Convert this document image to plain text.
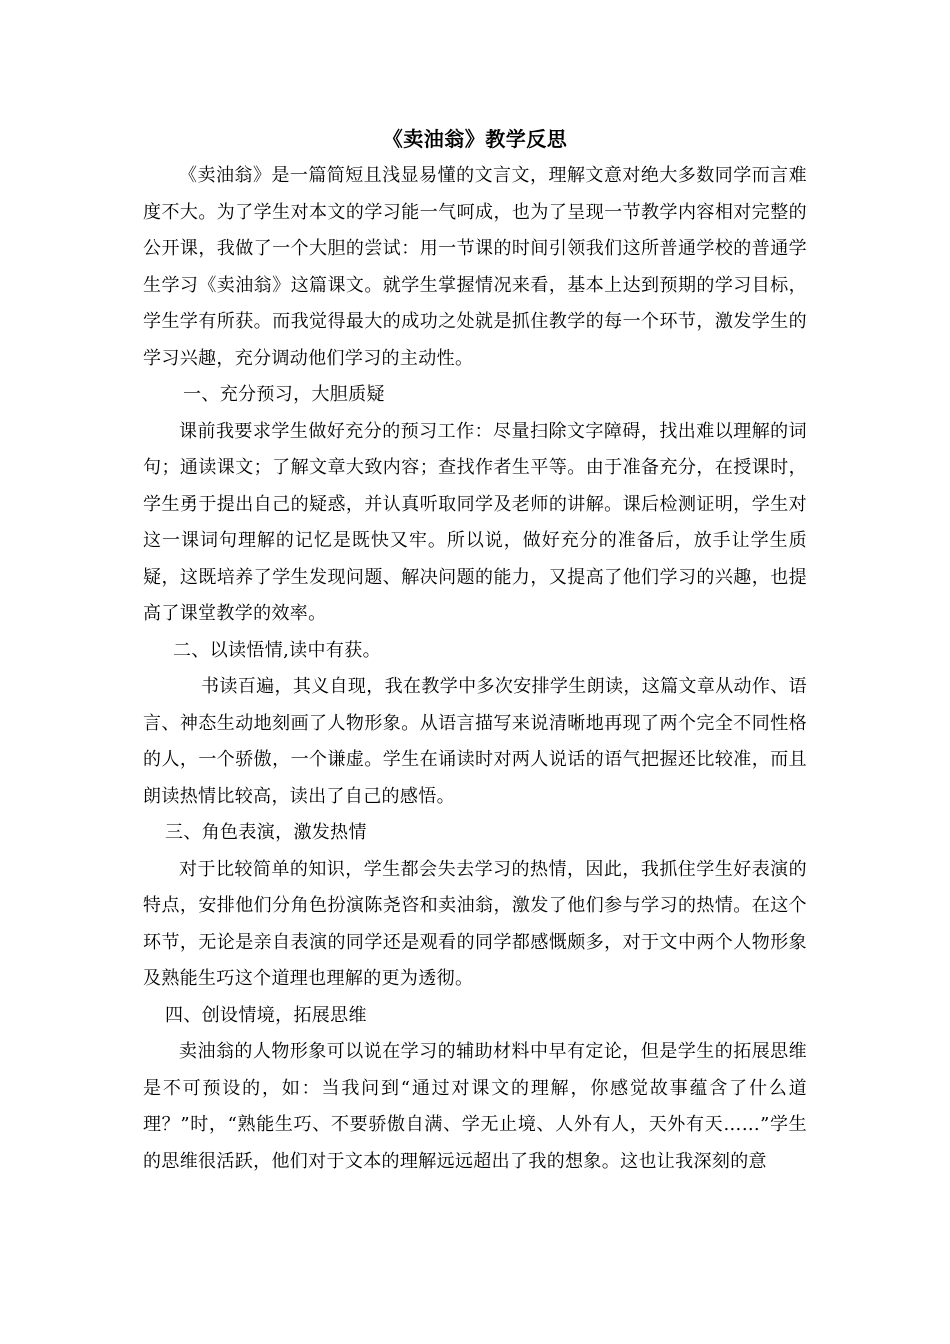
《卖油翁》教学反思

《卖油翁》是一篇简短且浅显易懂的文言文，理解文意对绝大多数同学而言难度不大。为了学生对本文的学习能一气呵成，也为了呈现一节教学内容相对完整的公开课，我做了一个大胆的尝试：用一节课的时间引领我们这所普通学校的普通学生学习《卖油翁》这篇课文。就学生掌握情况来看，基本上达到预期的学习目标，学生学有所获。而我觉得最大的成功之处就是抓住教学的每一个环节，激发学生的学习兴趣，充分调动他们学习的主动性。

一、充分预习，大胆质疑

课前我要求学生做好充分的预习工作：尽量扫除文字障碍，找出难以理解的词句；通读课文；了解文章大致内容；查找作者生平等。由于准备充分，在授课时，学生勇于提出自己的疑惑，并认真听取同学及老师的讲解。课后检测证明，学生对这一课词句理解的记忆是既快又牢。所以说，做好充分的准备后，放手让学生质疑，这既培养了学生发现问题、解决问题的能力，又提高了他们学习的兴趣，也提高了课堂教学的效率。

二、以读悟情,读中有获。

书读百遍，其义自现，我在教学中多次安排学生朗读，这篇文章从动作、语言、神态生动地刻画了人物形象。从语言描写来说清晰地再现了两个完全不同性格的人，一个骄傲，一个谦虚。学生在诵读时对两人说话的语气把握还比较准，而且朗读热情比较高，读出了自己的感悟。

三、角色表演，激发热情

对于比较简单的知识，学生都会失去学习的热情，因此，我抓住学生好表演的特点，安排他们分角色扮演陈尧咨和卖油翁，激发了他们参与学习的热情。在这个环节，无论是亲自表演的同学还是观看的同学都感慨颇多，对于文中两个人物形象及熟能生巧这个道理也理解的更为透彻。

四、创设情境，拓展思维

卖油翁的人物形象可以说在学习的辅助材料中早有定论，但是学生的拓展思维是不可预设的，如：当我问到“通过对课文的理解，你感觉故事蕴含了什么道理？”时，“熟能生巧、不要骄傲自满、学无止境、人外有人，天外有天……”学生的思维很活跃，他们对于文本的理解远远超出了我的想象。这也让我深刻的意
